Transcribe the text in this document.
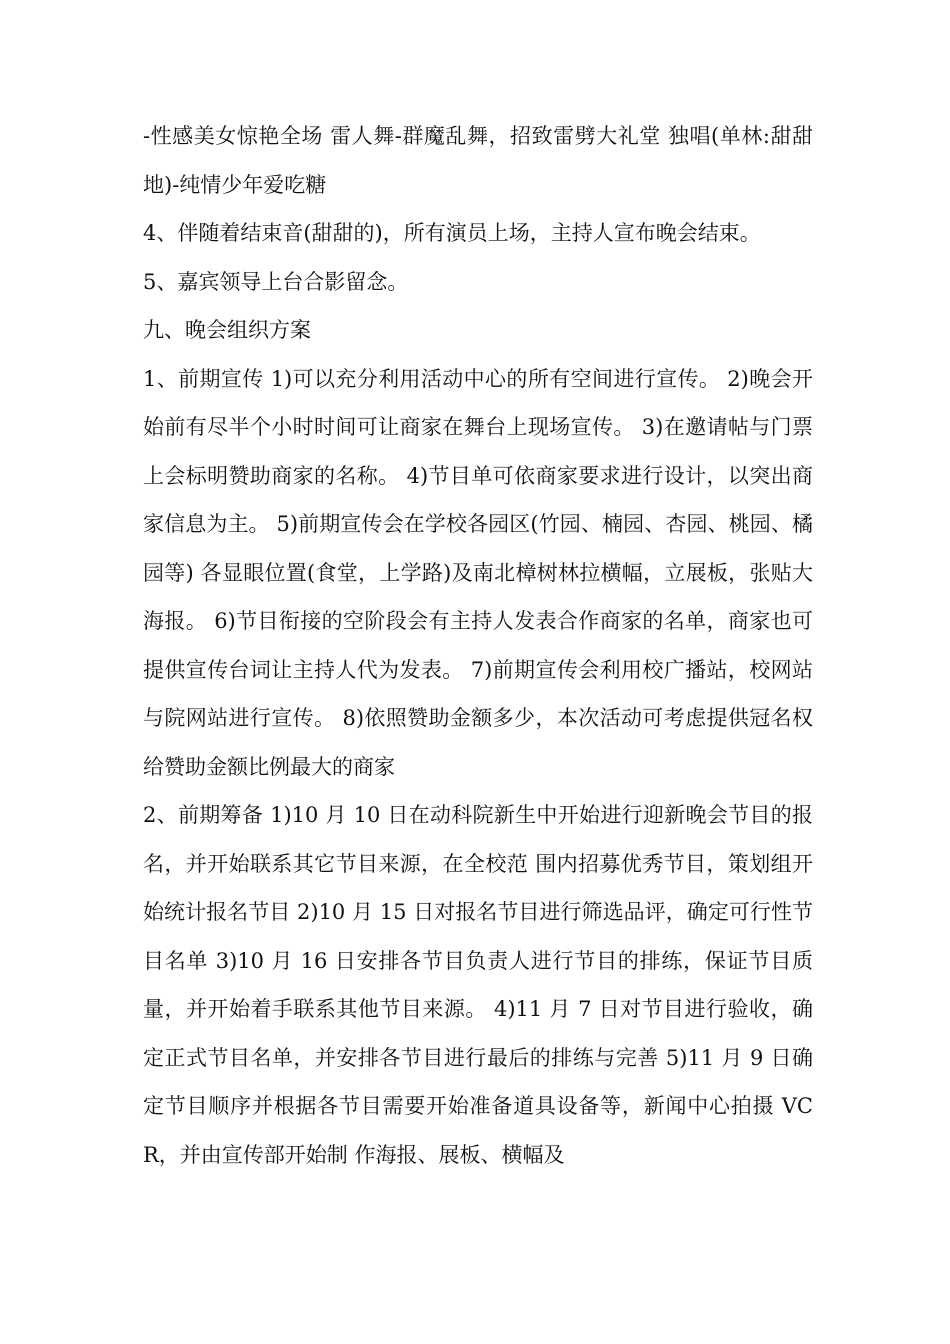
-性感美女惊艳全场 雷人舞-群魔乱舞，招致雷劈大礼堂 独唱(单林:甜甜地)-纯情少年爱吃糖

4、伴随着结束音(甜甜的)，所有演员上场，主持人宣布晚会结束。

5、嘉宾领导上台合影留念。

九、晚会组织方案

1、前期宣传 1)可以充分利用活动中心的所有空间进行宣传。 2)晚会开始前有尽半个小时时间可让商家在舞台上现场宣传。 3)在邀请帖与门票上会标明赞助商家的名称。 4)节目单可依商家要求进行设计，以突出商家信息为主。 5)前期宣传会在学校各园区(竹园、楠园、杏园、桃园、橘园等) 各显眼位置(食堂，上学路)及南北樟树林拉横幅，立展板，张贴大海报。 6)节目衔接的空阶段会有主持人发表合作商家的名单，商家也可 提供宣传台词让主持人代为发表。 7)前期宣传会利用校广播站，校网站与院网站进行宣传。 8)依照赞助金额多少，本次活动可考虑提供冠名权给赞助金额比例最大的商家

2、前期筹备 1)10 月 10 日在动科院新生中开始进行迎新晚会节目的报名，并开始联系其它节目来源，在全校范 围内招募优秀节目，策划组开始统计报名节目 2)10 月 15 日对报名节目进行筛选品评，确定可行性节目名单 3)10 月 16 日安排各节目负责人进行节目的排练，保证节目质量，并开始着手联系其他节目来源。 4)11 月 7 日对节目进行验收，确定正式节目名单，并安排各节目进行最后的排练与完善 5)11 月 9 日确定节目顺序并根据各节目需要开始准备道具设备等，新闻中心拍摄 VCR，并由宣传部开始制 作海报、展板、横幅及
